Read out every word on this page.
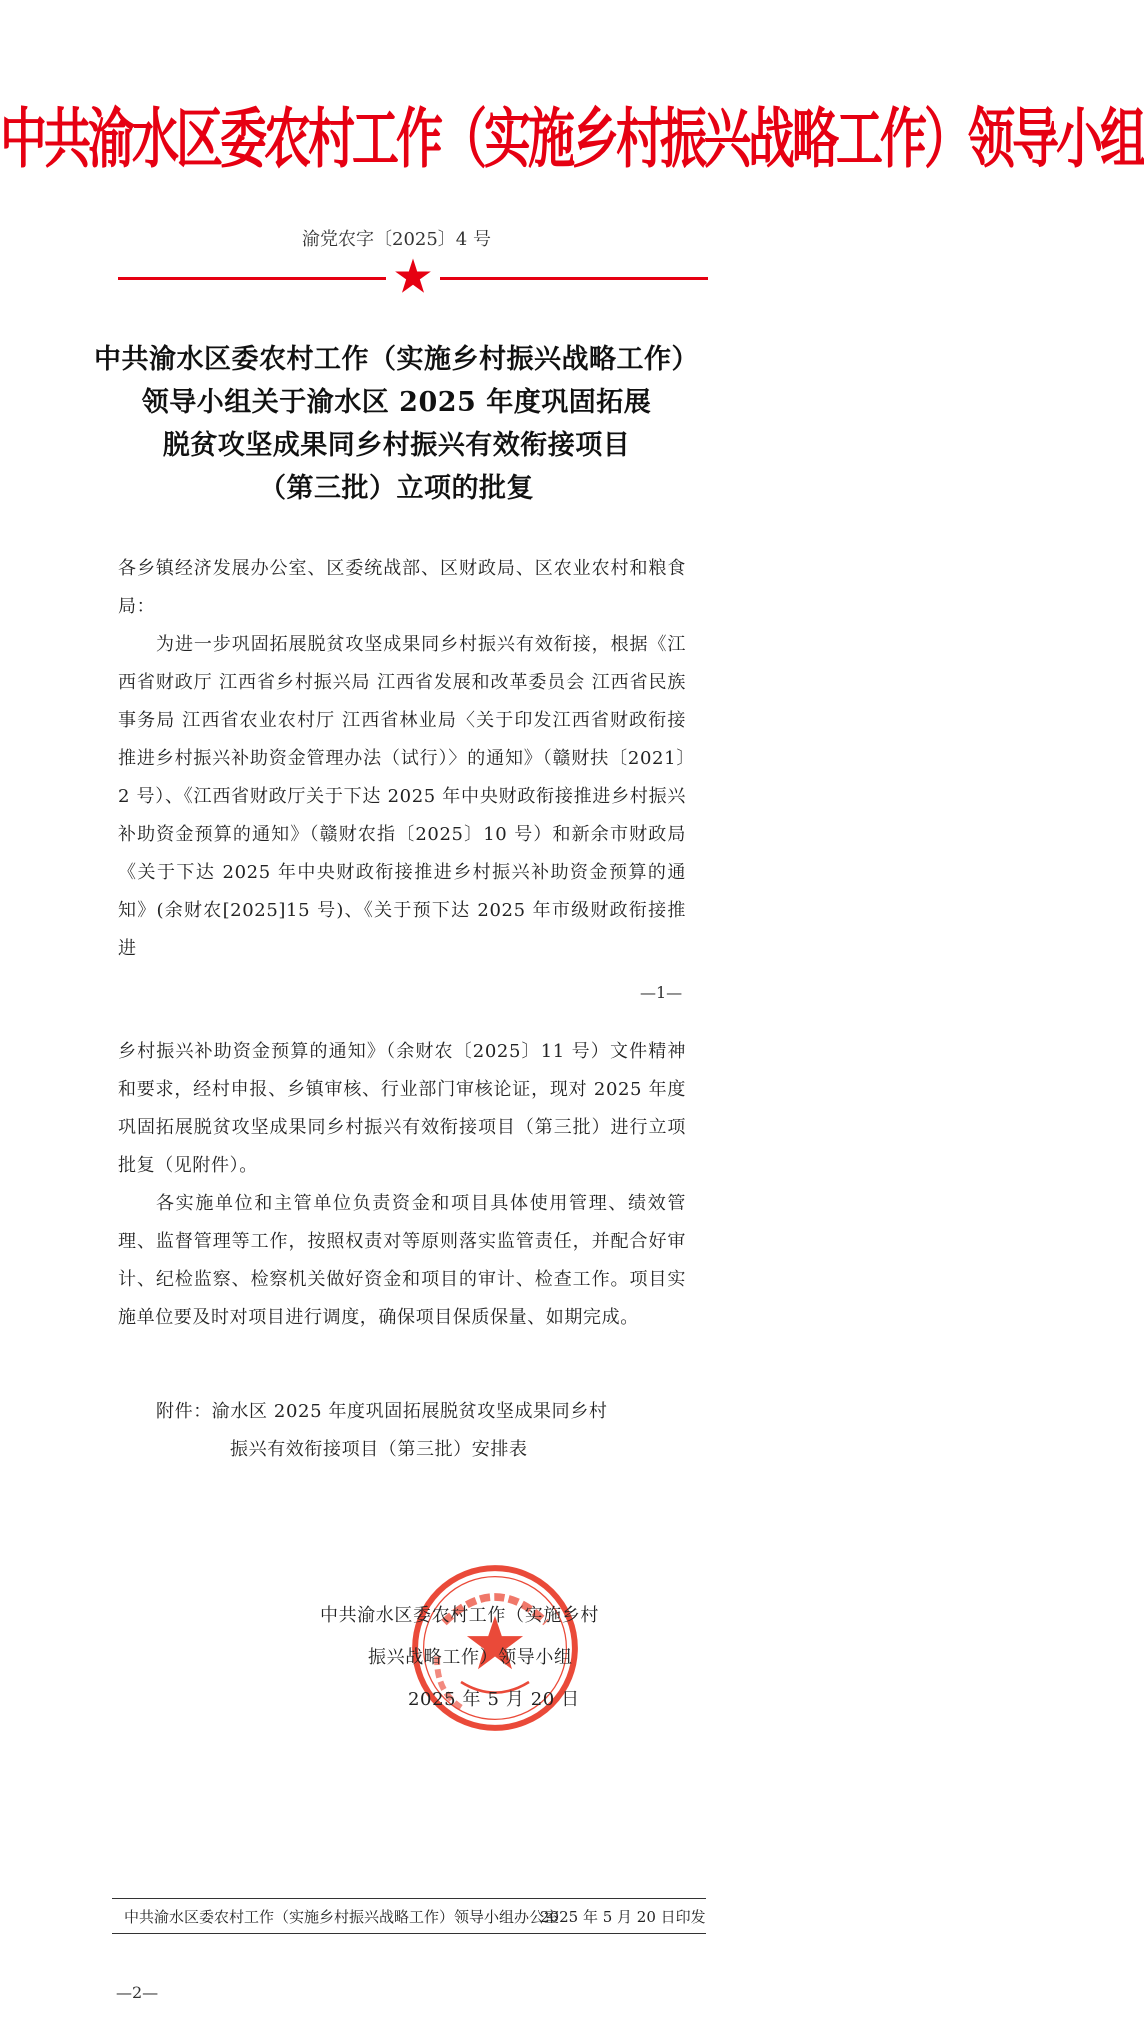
中共渝水区委农村工作（实施乡村振兴战略工作）领导小组
渝党农字〔2025〕4 号
中共渝水区委农村工作（实施乡村振兴战略工作）
领导小组关于渝水区 2025 年度巩固拓展
脱贫攻坚成果同乡村振兴有效衔接项目
（第三批）立项的批复
各乡镇经济发展办公室、区委统战部、区财政局、区农业农村和粮食局：
为进一步巩固拓展脱贫攻坚成果同乡村振兴有效衔接，根据《江西省财政厅 江西省乡村振兴局 江西省发展和改革委员会 江西省民族事务局 江西省农业农村厅 江西省林业局〈关于印发江西省财政衔接推进乡村振兴补助资金管理办法（试行）〉的通知》（赣财扶〔2021〕2 号）、《江西省财政厅关于下达 2025 年中央财政衔接推进乡村振兴补助资金预算的通知》（赣财农指〔2025〕10 号）和新余市财政局《关于下达 2025 年中央财政衔接推进乡村振兴补助资金预算的通知》(余财农[2025]15 号)、《关于预下达 2025 年市级财政衔接推进
—1—
乡村振兴补助资金预算的通知》（余财农〔2025〕11 号）文件精神和要求，经村申报、乡镇审核、行业部门审核论证，现对 2025 年度巩固拓展脱贫攻坚成果同乡村振兴有效衔接项目（第三批）进行立项批复（见附件）。
各实施单位和主管单位负责资金和项目具体使用管理、绩效管理、监督管理等工作，按照权责对等原则落实监管责任，并配合好审计、纪检监察、检察机关做好资金和项目的审计、检查工作。项目实施单位要及时对项目进行调度，确保项目保质保量、如期完成。
附件：渝水区 2025 年度巩固拓展脱贫攻坚成果同乡村
振兴有效衔接项目（第三批）安排表
中共渝水区委农村工作（实施乡村
振兴战略工作）领导小组
2025 年 5 月 20 日
中共渝水区委农村工作（实施乡村振兴战略工作）领导小组办公室
2025 年 5 月 20 日印发
—2—
